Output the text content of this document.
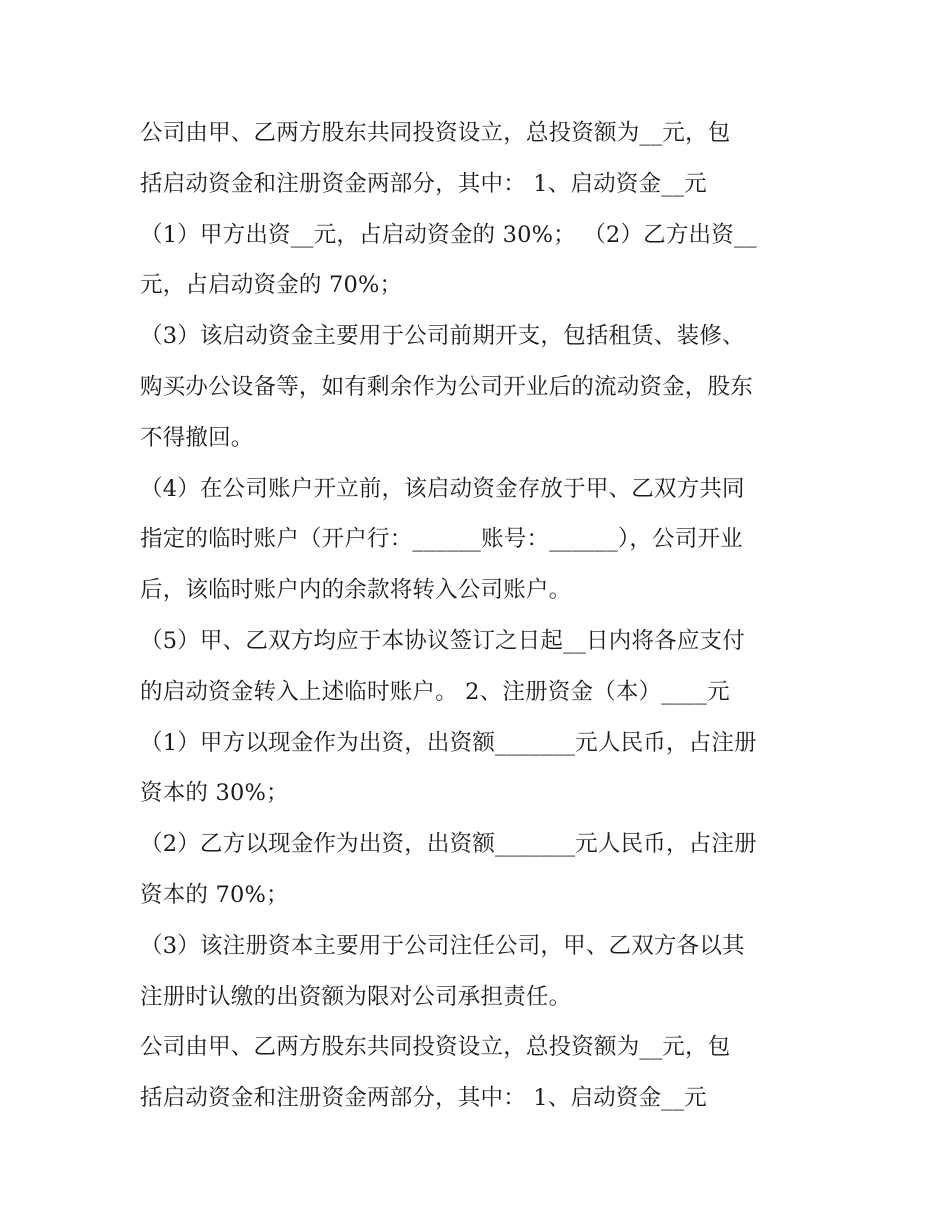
公司由甲、乙两方股东共同投资设立，总投资额为__元，包
括启动资金和注册资金两部分，其中： 1、启动资金__元
（1）甲方出资__元，占启动资金的 30%； （2）乙方出资__
元，占启动资金的 70%；
（3）该启动资金主要用于公司前期开支，包括租赁、装修、
购买办公设备等，如有剩余作为公司开业后的流动资金，股东
不得撤回。
（4）在公司账户开立前，该启动资金存放于甲、乙双方共同
指定的临时账户（开户行：______账号：______），公司开业
后，该临时账户内的余款将转入公司账户。
（5）甲、乙双方均应于本协议签订之日起__日内将各应支付
的启动资金转入上述临时账户。 2、注册资金（本）____元
（1）甲方以现金作为出资，出资额_______元人民币，占注册
资本的 30%；
（2）乙方以现金作为出资，出资额_______元人民币，占注册
资本的 70%；
（3）该注册资本主要用于公司注任公司，甲、乙双方各以其
注册时认缴的出资额为限对公司承担责任。
公司由甲、乙两方股东共同投资设立，总投资额为__元，包
括启动资金和注册资金两部分，其中： 1、启动资金__元
